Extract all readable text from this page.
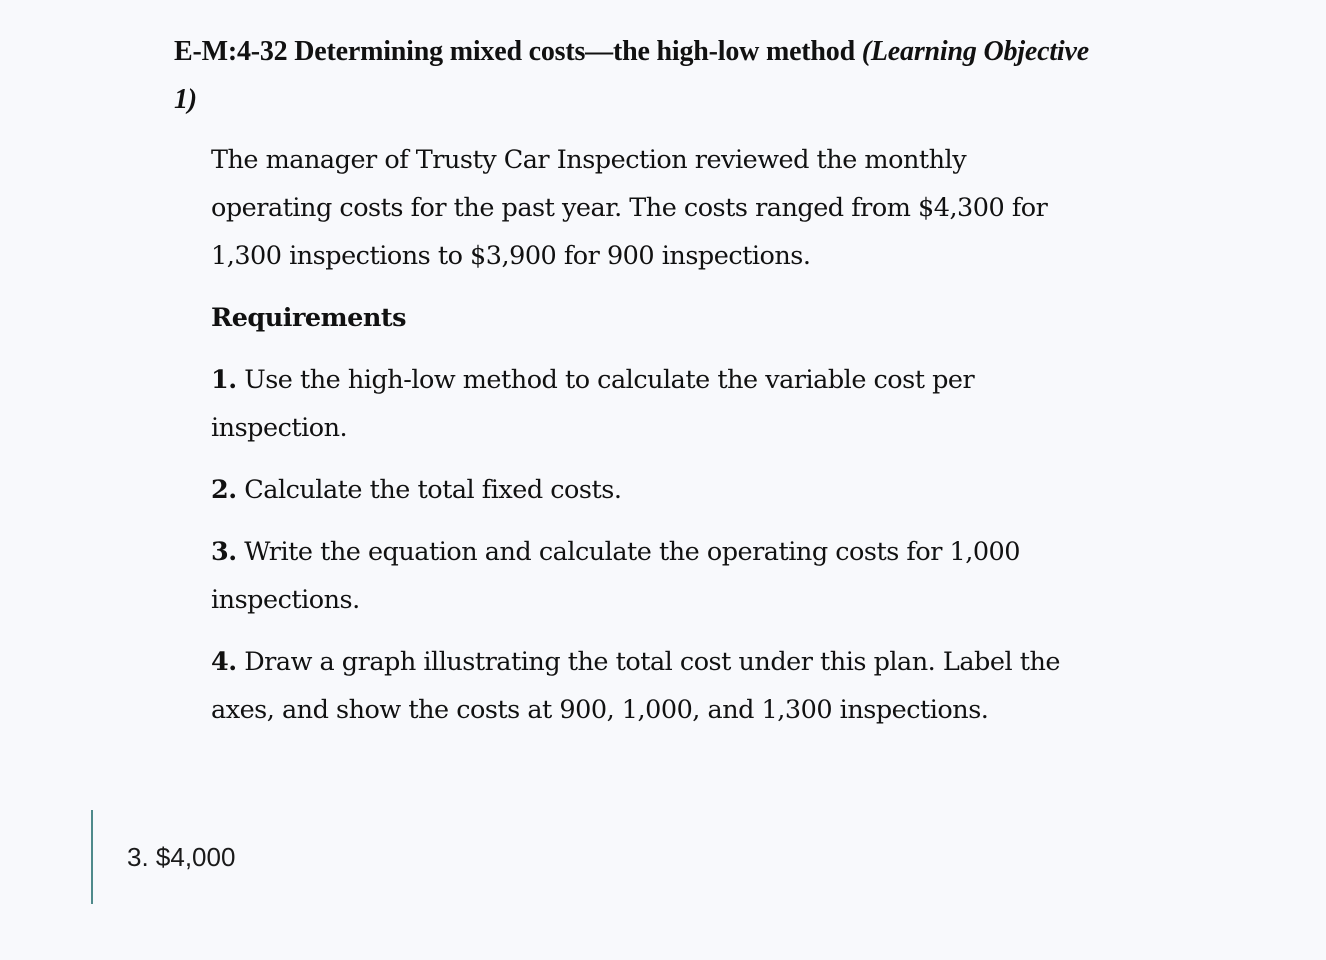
E-M:4-32 Determining mixed costs—the high-low method (Learning Objective 1)

The manager of Trusty Car Inspection reviewed the monthly operating costs for the past year. The costs ranged from $4,300 for 1,300 inspections to $3,900 for 900 inspections.

Requirements

1. Use the high-low method to calculate the variable cost per inspection.

2. Calculate the total fixed costs.

3. Write the equation and calculate the operating costs for 1,000 inspections.

4. Draw a graph illustrating the total cost under this plan. Label the axes, and show the costs at 900, 1,000, and 1,300 inspections.

3. $4,000
